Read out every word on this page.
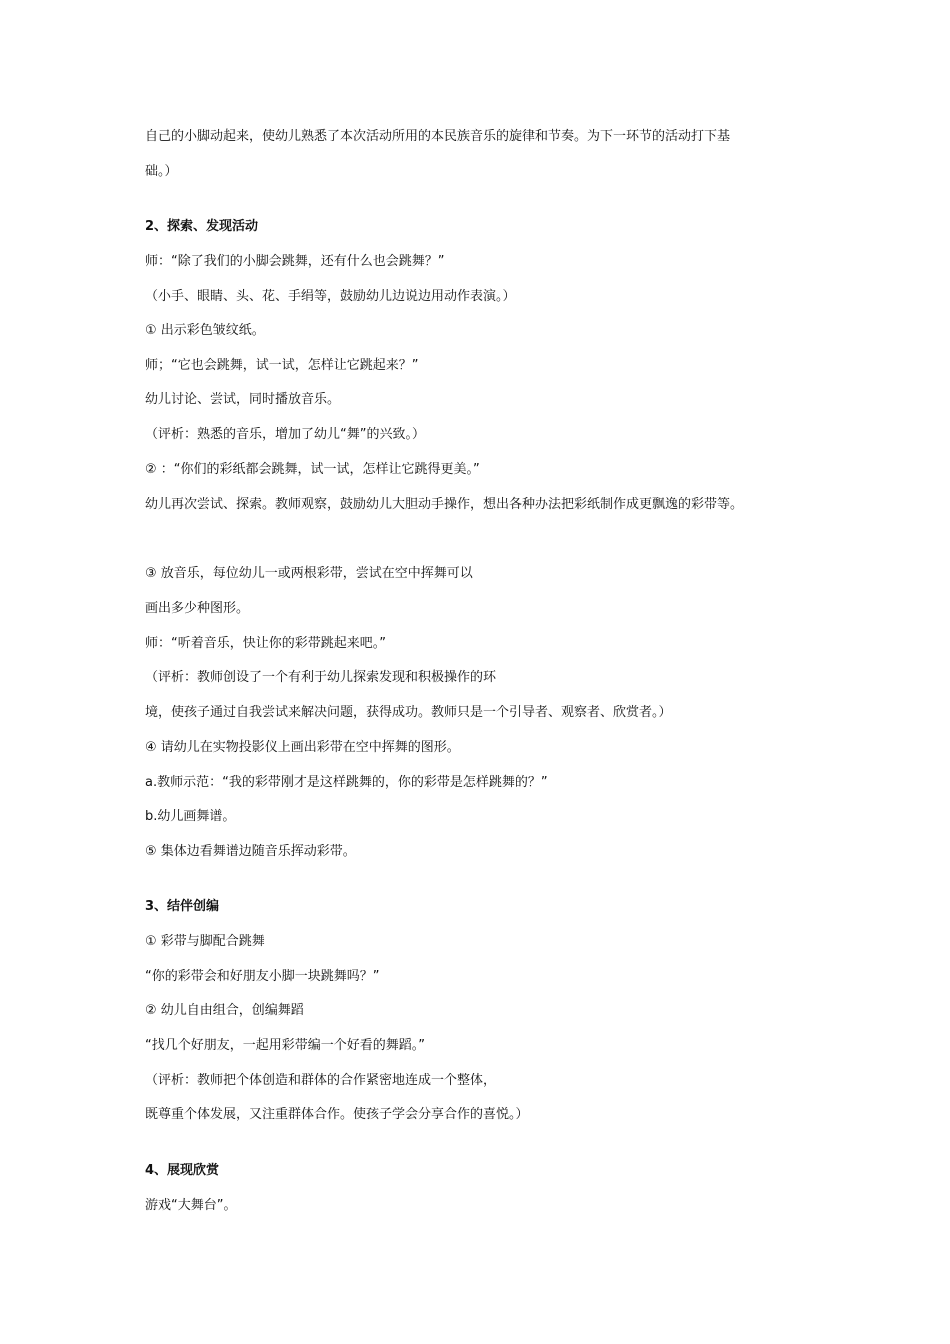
自己的小脚动起来，使幼儿熟悉了本次活动所用的本民族音乐的旋律和节奏。为下一环节的活动打下基
础。）
2、探索、发现活动
师：“除了我们的小脚会跳舞，还有什么也会跳舞？”
（小手、眼睛、头、花、手绢等，鼓励幼儿边说边用动作表演。）
① 出示彩色皱纹纸。
师；“它也会跳舞，试一试，怎样让它跳起来？”
幼儿讨论、尝试，同时播放音乐。
（评析：熟悉的音乐，增加了幼儿“舞”的兴致。）
② ：“你们的彩纸都会跳舞，试一试，怎样让它跳得更美。”
幼儿再次尝试、探索。教师观察，鼓励幼儿大胆动手操作，想出各种办法把彩纸制作成更飘逸的彩带等。
③ 放音乐，每位幼儿一或两根彩带，尝试在空中挥舞可以
画出多少种图形。
师：“听着音乐，快让你的彩带跳起来吧。”
（评析：教师创设了一个有利于幼儿探索发现和积极操作的环
境，使孩子通过自我尝试来解决问题，获得成功。教师只是一个引导者、观察者、欣赏者。）
④ 请幼儿在实物投影仪上画出彩带在空中挥舞的图形。
a.教师示范：“我的彩带刚才是这样跳舞的，你的彩带是怎样跳舞的？”
b.幼儿画舞谱。
⑤ 集体边看舞谱边随音乐挥动彩带。
3、结伴创编
① 彩带与脚配合跳舞
“你的彩带会和好朋友小脚一块跳舞吗？”
② 幼儿自由组合，创编舞蹈
“找几个好朋友，一起用彩带编一个好看的舞蹈。”
（评析：教师把个体创造和群体的合作紧密地连成一个整体，
既尊重个体发展，又注重群体合作。使孩子学会分享合作的喜悦。）
4、展现欣赏
游戏“大舞台”。
